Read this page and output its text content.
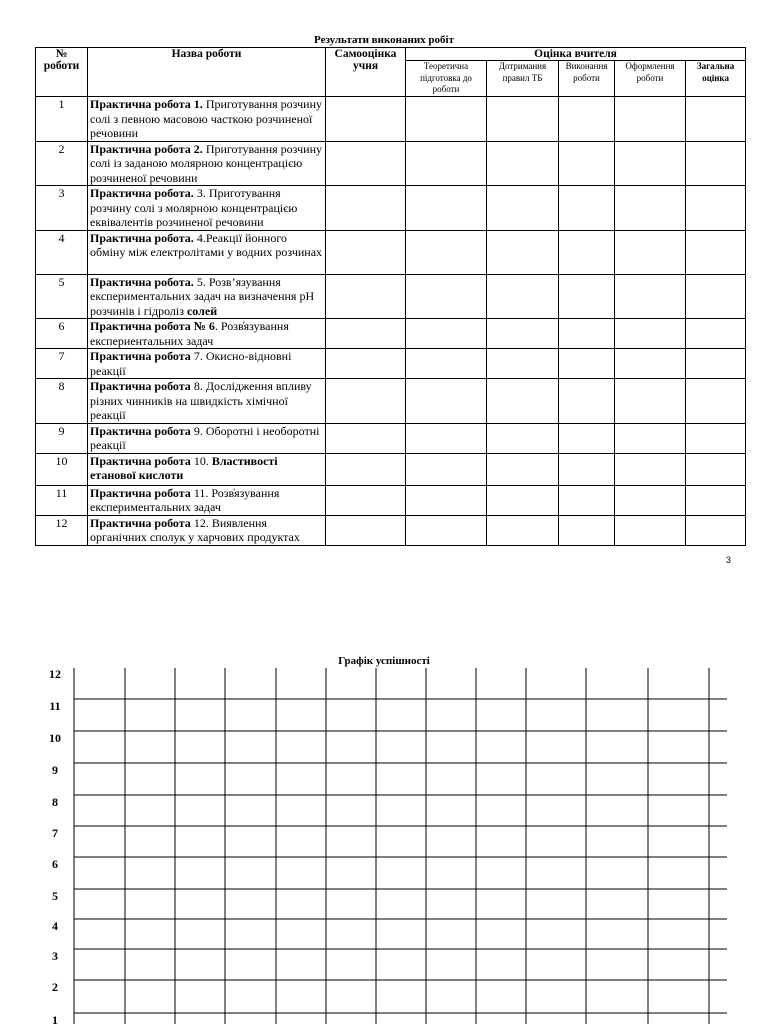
Результати виконаних робіт
№ роботи	Назва роботи	Самооцінка учня	Оцінка вчителя				
			Теоретична підготовка до роботи	Дотримання правил ТБ	Виконання роботи	Оформлення роботи	Загальна оцінка
1	Практична робота 1. Приготування розчину солі з певною масовою часткою розчиненої речовини						
2	Практична робота 2. Приготування розчину солі із заданою молярною концентрацією розчиненої речовини						
3	Практична робота. 3. Приготування розчину солі з молярною концентрацією еквівалентів розчиненої речовини						
4	Практична робота. 4.Реакції йонного обміну між електролітами у водних розчинах						
5	Практична робота. 5. Розв’язування експериментальних задач на визначення pH розчинів і гідроліз солей						
6	Практична робота № 6. Розв҆язування експериентальних задач						
7	Практична робота 7. Окисно-відновні реакції						
8	Практична робота 8. Дослідження впливу різних чинників на швидкість хімічної реакції						
9	Практична робота 9. Оборотні і необоротні реакції						
10	Практична робота 10. Властивості етанової кислоти						
11	Практична робота 11. Розв҆язування експериментальних задач						
12	Практична робота 12. Виявлення органічних сполук у харчових продуктах						
3
Графік успішності
12
11
10
9
8
7
6
5
4
3
2
1
